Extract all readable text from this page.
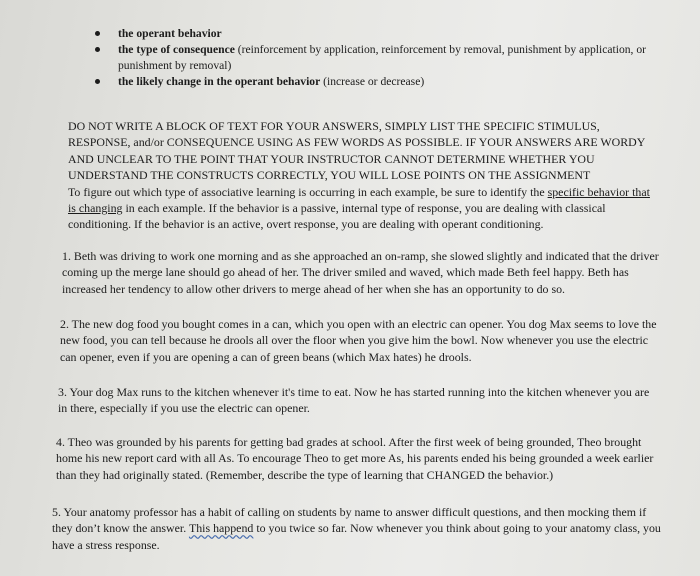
the operant behavior
the type of consequence (reinforcement by application, reinforcement by removal, punishment by application, or punishment by removal)
the likely change in the operant behavior (increase or decrease)
DO NOT WRITE A BLOCK OF TEXT FOR YOUR ANSWERS, SIMPLY LIST THE SPECIFIC STIMULUS, RESPONSE, and/or CONSEQUENCE USING AS FEW WORDS AS POSSIBLE. IF YOUR ANSWERS ARE WORDY AND UNCLEAR TO THE POINT THAT YOUR INSTRUCTOR CANNOT DETERMINE WHETHER YOU UNDERSTAND THE CONSTRUCTS CORRECTLY, YOU WILL LOSE POINTS ON THE ASSIGNMENT
To figure out which type of associative learning is occurring in each example, be sure to identify the specific behavior that is changing in each example. If the behavior is a passive, internal type of response, you are dealing with classical conditioning. If the behavior is an active, overt response, you are dealing with operant conditioning.
1. Beth was driving to work one morning and as she approached an on-ramp, she slowed slightly and indicated that the driver coming up the merge lane should go ahead of her. The driver smiled and waved, which made Beth feel happy. Beth has increased her tendency to allow other drivers to merge ahead of her when she has an opportunity to do so.
2. The new dog food you bought comes in a can, which you open with an electric can opener. You dog Max seems to love the new food, you can tell because he drools all over the floor when you give him the bowl. Now whenever you use the electric can opener, even if you are opening a can of green beans (which Max hates) he drools.
3. Your dog Max runs to the kitchen whenever it's time to eat. Now he has started running into the kitchen whenever you are in there, especially if you use the electric can opener.
4. Theo was grounded by his parents for getting bad grades at school. After the first week of being grounded, Theo brought home his new report card with all As. To encourage Theo to get more As, his parents ended his being grounded a week earlier than they had originally stated. (Remember, describe the type of learning that CHANGED the behavior.)
5. Your anatomy professor has a habit of calling on students by name to answer difficult questions, and then mocking them if they don’t know the answer. This happend to you twice so far. Now whenever you think about going to your anatomy class, you have a stress response.
